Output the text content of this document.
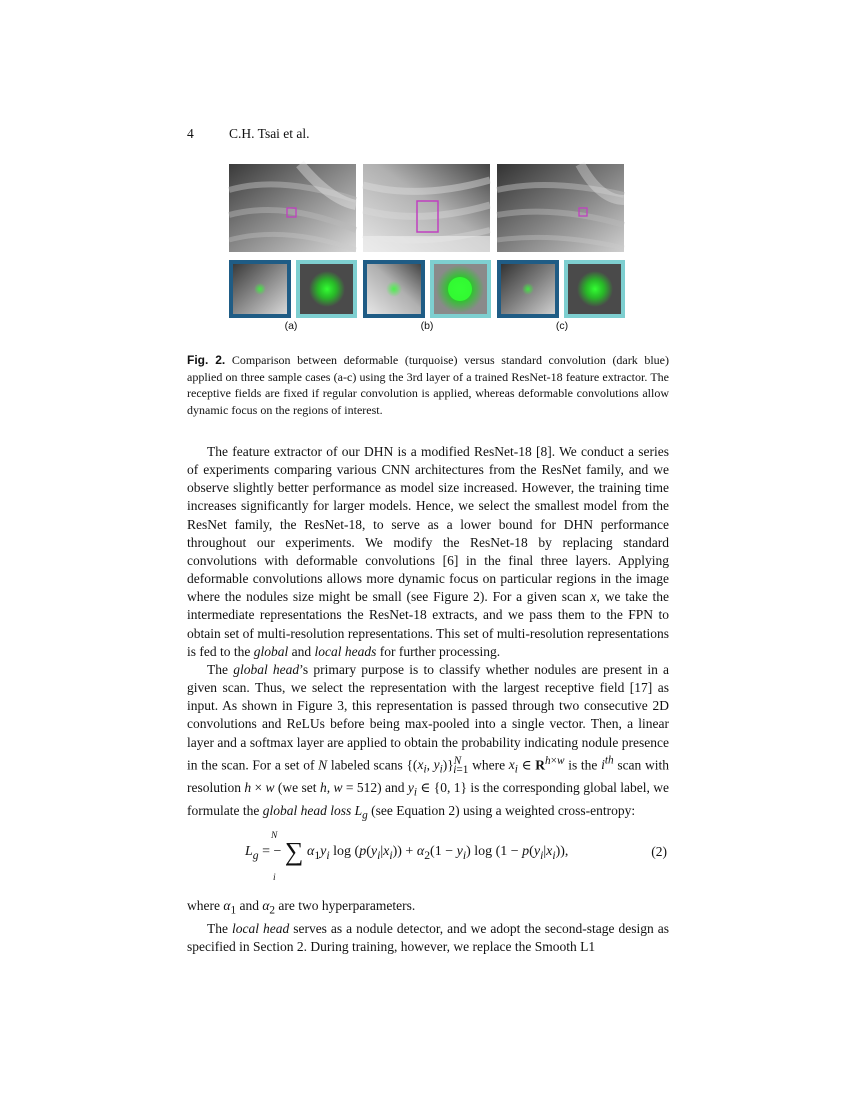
4	C.H. Tsai et al.
(a)	(b)	(c)
Fig. 2. Comparison between deformable (turquoise) versus standard convolution (dark blue) applied on three sample cases (a-c) using the 3rd layer of a trained ResNet-18 feature extractor. The receptive fields are fixed if regular convolution is applied, whereas deformable convolutions allow dynamic focus on the regions of interest.

The feature extractor of our DHN is a modified ResNet-18 [8]. We conduct a series of experiments comparing various CNN architectures from the ResNet family, and we observe slightly better performance as model size increased. However, the training time increases significantly for larger models. Hence, we select the smallest model from the ResNet family, the ResNet-18, to serve as a lower bound for DHN performance throughout our experiments. We modify the ResNet-18 by replacing standard convolutions with deformable convolutions [6] in the final three layers. Applying deformable convolutions allows more dynamic focus on particular regions in the image where the nodules size might be small (see Figure 2). For a given scan x, we take the intermediate representations the ResNet-18 extracts, and we pass them to the FPN to obtain set of multi-resolution representations. This set of multi-resolution representations is fed to the global and local heads for further processing.

The global head’s primary purpose is to classify whether nodules are present in a given scan. Thus, we select the representation with the largest receptive field [17] as input. As shown in Figure 3, this representation is passed through two consecutive 2D convolutions and ReLUs before being max-pooled into a single vector. Then, a linear layer and a softmax layer are applied to obtain the probability indicating nodule presence in the scan. For a set of N labeled scans {($x_i$, $y_i)\}^N_{i=1}$ where $x_i$ ∈ $R^{h\times w}$ is the $i^{th}$ scan with resolution h × w (we set h, w = 512) and $y_i$ ∈ {0, 1} is the corresponding global label, we formulate the global head loss $L_g$ (see Equation 2) using a weighted cross-entropy:

N
$L_g$ = − ∑ $\alpha_1y_i$ $\log (p(y_i|x_i)) + \alpha_2(1 - y_i)$ $\log (1 - p(y_i|x_i))$,
i
(2)

where $\alpha_1$ and $\alpha_2$ are two hyperparameters.

The local head serves as a nodule detector, and we adopt the second-stage design as specified in Section 2. During training, however, we replace the Smooth L1
